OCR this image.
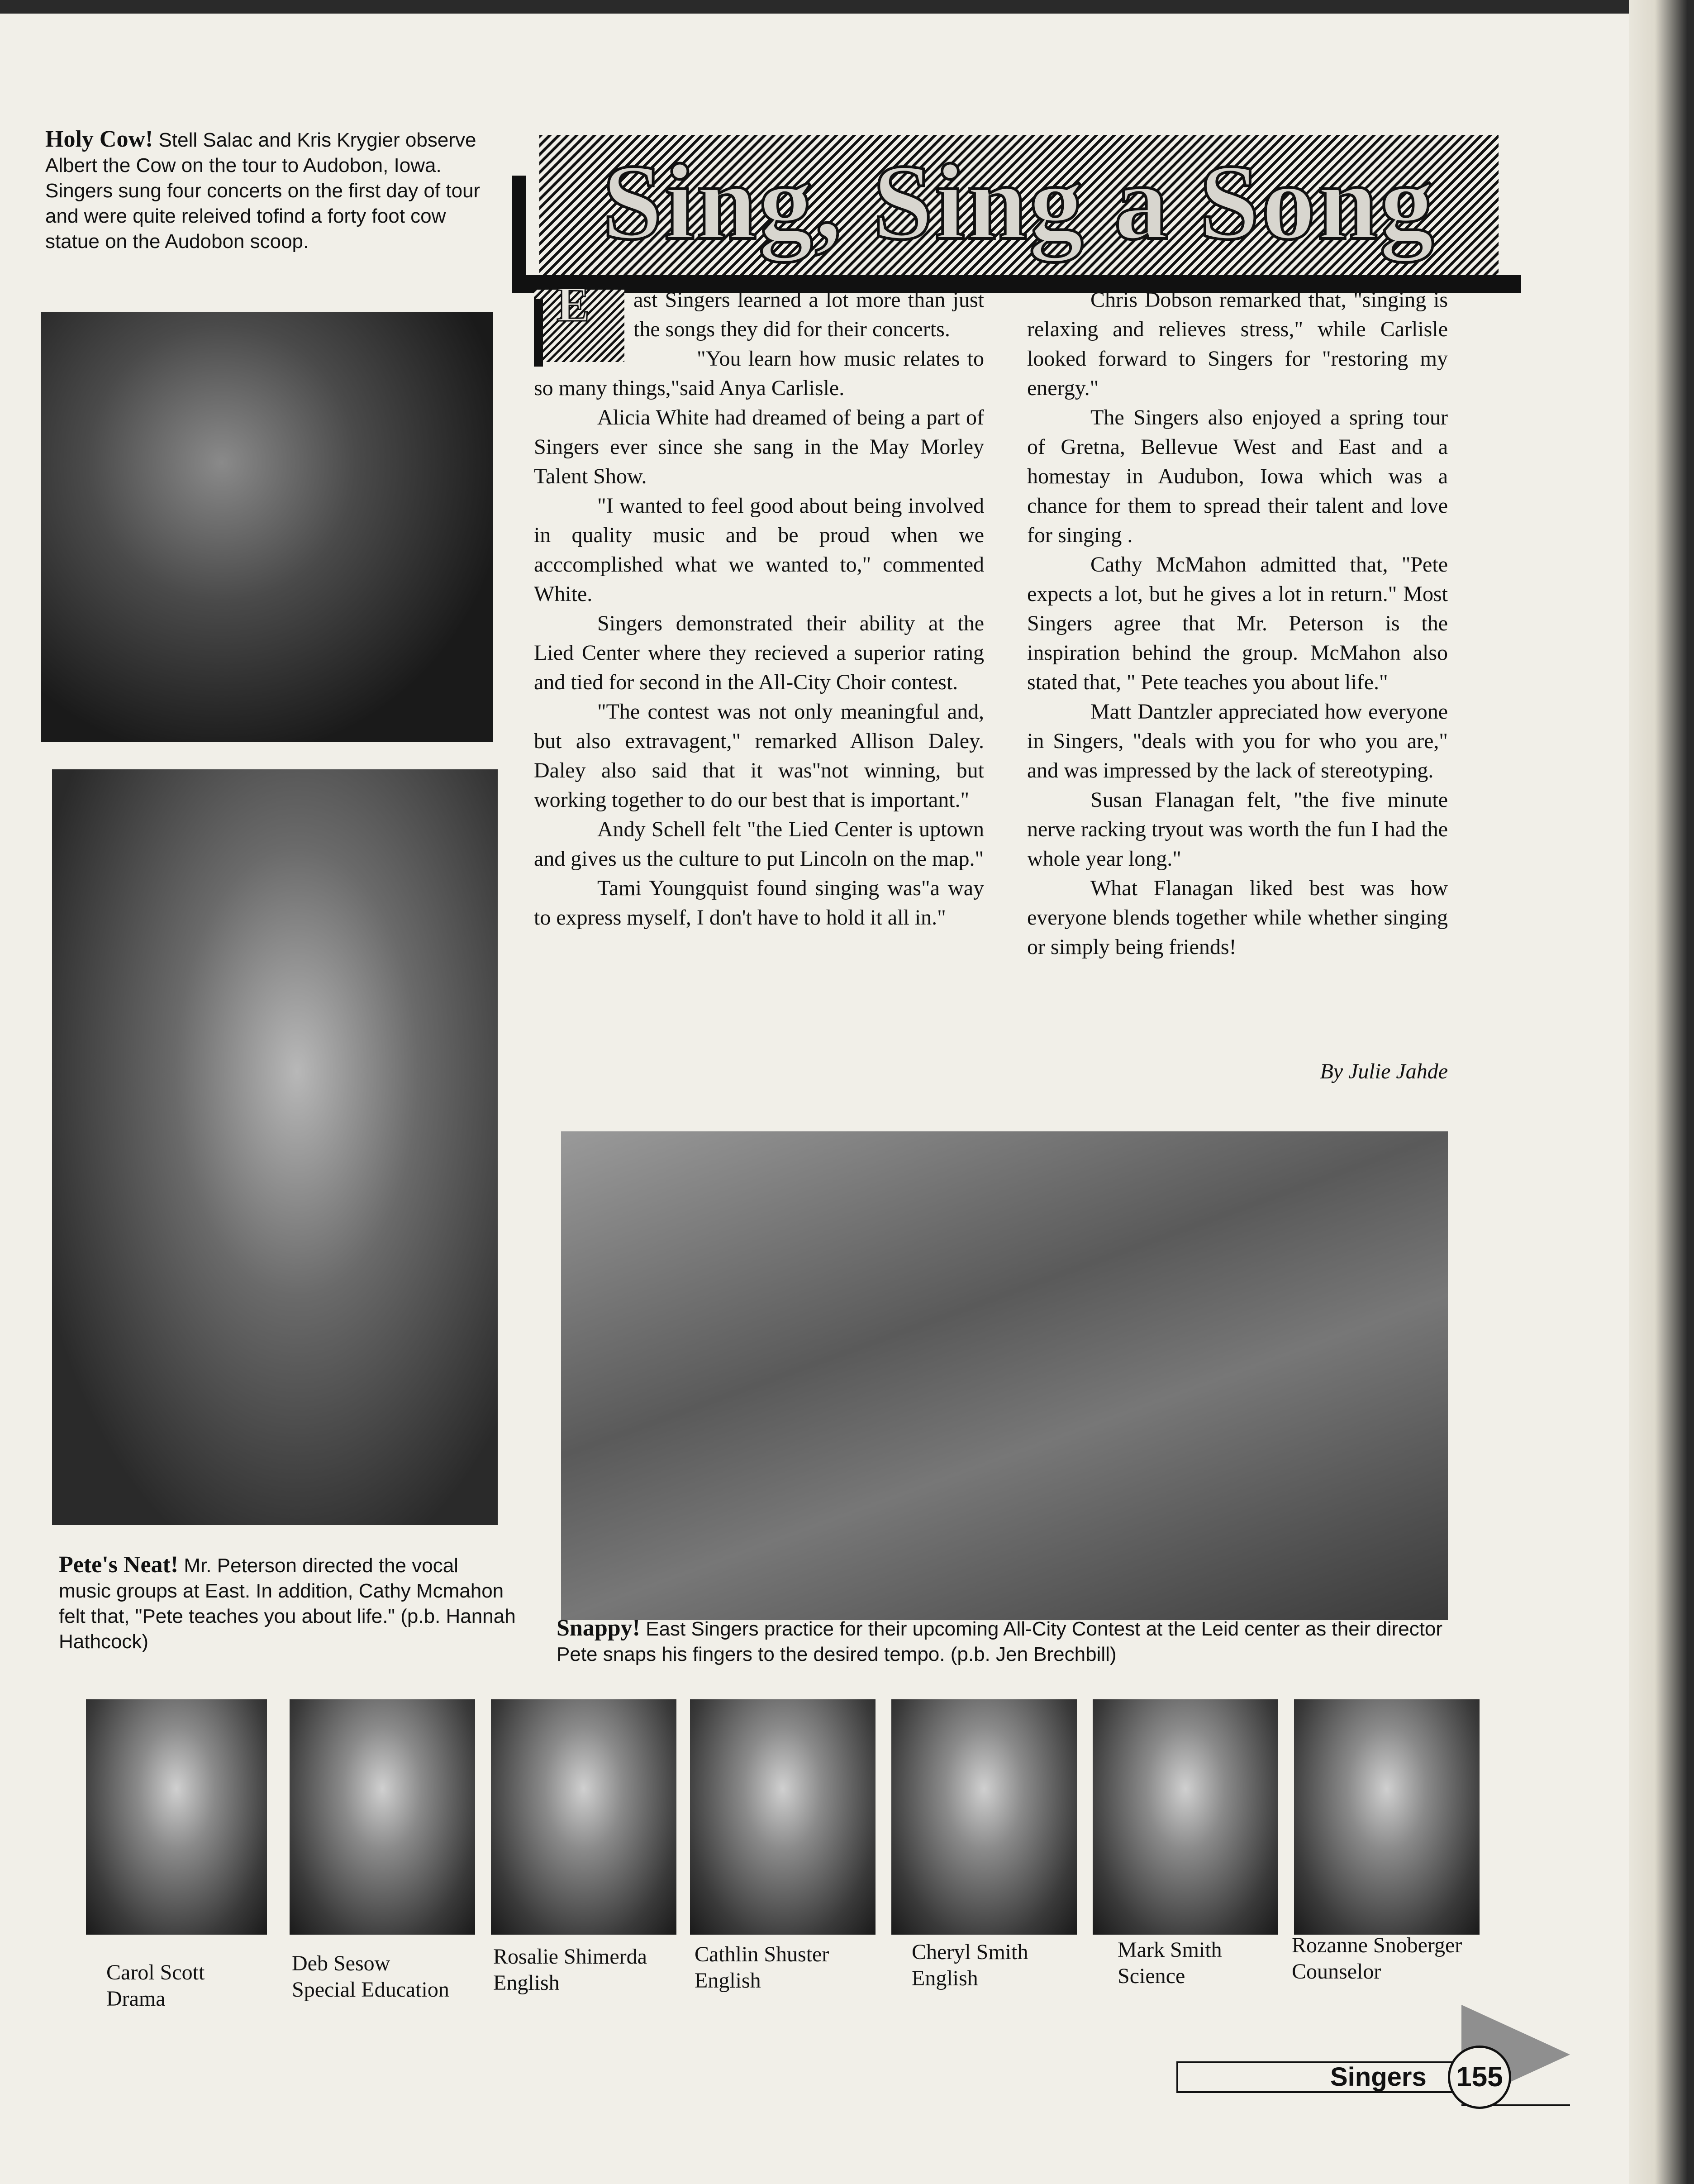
Holy Cow! Stell Salac and Kris Krygier observe Albert the Cow on the tour to Audobon, Iowa. Singers sung four concerts on the first day of tour and were quite releived tofind a forty foot cow statue on the Audobon scoop.	Sing, Sing a Song
E	ast Singers learned a lot more than just the songs they did for their concerts.

"You learn how music relates to so many things,"said Anya Carlisle.

Alicia White had dreamed of being a part of Singers ever since she sang in the May Morley Talent Show.

"I wanted to feel good about being involved in quality music and be proud when we acccomplished what we wanted to," commented White.

Singers demonstrated their ability at the Lied Center where they recieved a superior rating and tied for second in the All-City Choir contest.

"The contest was not only meaningful and, but also extravagent," remarked Allison Daley. Daley also said that it was"not winning, but working together to do our best that is important."

Andy Schell felt "the Lied Center is uptown and gives us the culture to put Lincoln on the map."

Tami Youngquist found singing was"a way to express myself, I don't have to hold it all in."

Chris Dobson remarked that, "singing is relaxing and relieves stress," while Carlisle looked forward to Singers for "restoring my energy."

The Singers also enjoyed a spring tour of Gretna, Bellevue West and East and a homestay in Audubon, Iowa which was a chance for them to spread their talent and love for singing .

Cathy McMahon admitted that, "Pete expects a lot, but he gives a lot in return." Most Singers agree that Mr. Peterson is the inspiration behind the group. McMahon also stated that, " Pete teaches you about life."

Matt Dantzler appreciated how everyone in Singers, "deals with you for who you are," and was impressed by the lack of stereotyping.

Susan Flanagan felt, "the five minute nerve racking tryout was worth the fun I had the whole year long."

What Flanagan liked best was how everyone blends together while whether singing or simply being friends!

By Julie Jahde
Pete's Neat! Mr. Peterson directed the vocal music groups at East. In addition, Cathy Mcmahon felt that, "Pete teaches you about life." (p.b. Hannah Hathcock)
Snappy! East Singers practice for their upcoming All-City Contest at the Leid center as their director Pete snaps his fingers to the desired tempo. (p.b. Jen Brechbill)
Carol Scott
Drama
Deb Sesow
Special Education
Rosalie Shimerda
English
Cathlin Shuster
English
Cheryl Smith
English
Mark Smith
Science
Rozanne Snoberger
Counselor
Singers 155
